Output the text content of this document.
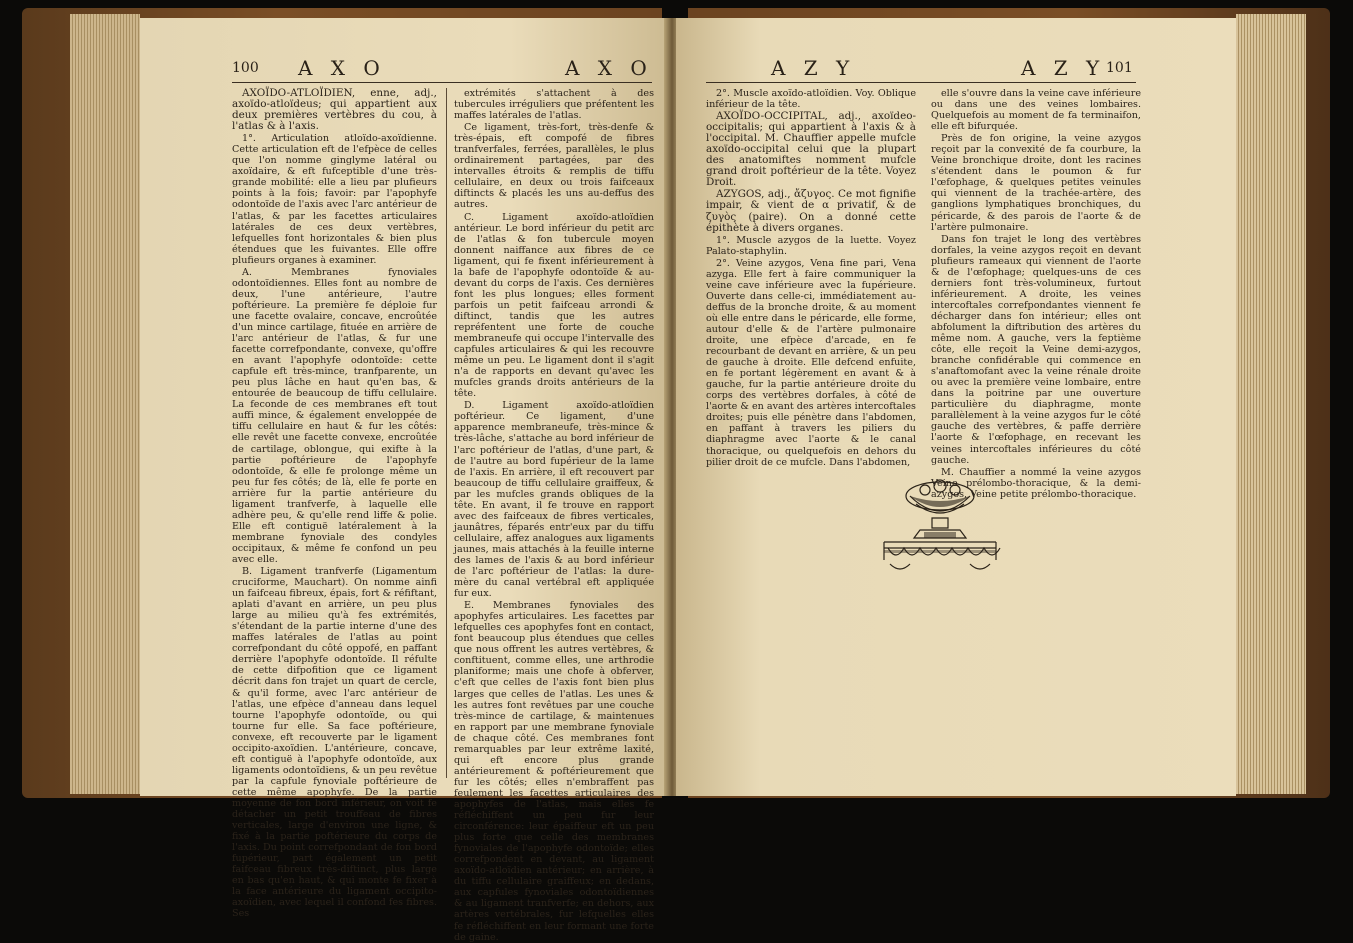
100 A X O	A X O

AXOÏDO-ATLOÏDIEN, enne, adj., axoïdo-atloïdeus; qui appartient aux deux premières vertèbres du cou, à l'atlas & à l'axis.

1°. Articulation atloïdo-axoïdienne. Cette articulation eft de l'efpèce de celles que l'on nomme ginglyme latéral ou axoïdaire, & eft fufceptible d'une très-grande mobilité: elle a lieu par plufieurs points à la fois; favoir: par l'apophyfe odontoïde de l'axis avec l'arc antérieur de l'atlas, & par les facettes articulaires latérales de ces deux vertèbres, lefquelles font horizontales & bien plus étendues que les fuivantes. Elle offre plufieurs organes à examiner.

A. Membranes fynoviales odontoïdiennes. Elles font au nombre de deux, l'une antérieure, l'autre poftérieure. La première fe déploie fur une facette ovalaire, concave, encroûtée d'un mince cartilage, fituée en arrière de l'arc antérieur de l'atlas, & fur une facette correfpondante, convexe, qu'offre en avant l'apophyfe odontoïde: cette capfule eft très-mince, tranfparente, un peu plus lâche en haut qu'en bas, & entourée de beaucoup de tiffu cellulaire. La feconde de ces membranes eft tout auffi mince, & également enveloppée de tiffu cellulaire en haut & fur les côtés: elle revêt une facette convexe, encroûtée de cartilage, oblongue, qui exifte à la partie poftérieure de l'apophyfe odontoïde, & elle fe prolonge même un peu fur fes côtés; de là, elle fe porte en arrière fur la partie antérieure du ligament tranfverfe, à laquelle elle adhère peu, & qu'elle rend liffe & polie. Elle eft contiguë latéralement à la membrane fynoviale des condyles occipitaux, & même fe confond un peu avec elle.

B. Ligament tranfverfe (Ligamentum cruciforme, Mauchart). On nomme ainfi un faifceau fibreux, épais, fort & réfiftant, aplati d'avant en arrière, un peu plus large au milieu qu'à fes extrémités, s'étendant de la partie interne d'une des maffes latérales de l'atlas au point correfpondant du côté oppofé, en paffant derrière l'apophyfe odontoïde. Il réfulte de cette difpofition que ce ligament décrit dans fon trajet un quart de cercle, & qu'il forme, avec l'arc antérieur de l'atlas, une efpèce d'anneau dans lequel tourne l'apophyfe odontoïde, ou qui tourne fur elle. Sa face poftérieure, convexe, eft recouverte par le ligament occipito-axoïdien. L'antérieure, concave, eft contiguë à l'apophyfe odontoïde, aux ligaments odontoïdiens, & un peu revêtue par la capfule fynoviale poftérieure de cette même apophyfe. De la partie moyenne de fon bord inférieur, on voit fe détacher un petit trouffeau de fibres verticales, large d'environ une ligne, & fixé à la partie poftérieure du corps de l'axis. Du point correfpondant de fon bord fupérieur, part également un petit faifceau fibreux très-diftinct, plus large en bas qu'en haut, & qui monte fe fixer à la face antérieure du ligament occipito-axoïdien, avec lequel il confond fes fibres. Ses

extrémités s'attachent à des tubercules irréguliers que préfentent les maffes latérales de l'atlas.

Ce ligament, très-fort, très-denfe & très-épais, eft compofé de fibres tranfverfales, ferrées, parallèles, le plus ordinairement partagées, par des intervalles étroits & remplis de tiffu cellulaire, en deux ou trois faifceaux diftincts & placés les uns au-deffus des autres.

C. Ligament axoïdo-atloïdien antérieur. Le bord inférieur du petit arc de l'atlas & fon tubercule moyen donnent naiffance aux fibres de ce ligament, qui fe fixent inférieurement à la bafe de l'apophyfe odontoïde & au-devant du corps de l'axis. Ces dernières font les plus longues; elles forment parfois un petit faifceau arrondi & diftinct, tandis que les autres repréfentent une forte de couche membraneufe qui occupe l'intervalle des capfules articulaires & qui les recouvre même un peu. Le ligament dont il s'agit n'a de rapports en devant qu'avec les mufcles grands droits antérieurs de la tête.

D. Ligament axoïdo-atloïdien poftérieur. Ce ligament, d'une apparence membraneufe, très-mince & très-lâche, s'attache au bord inférieur de l'arc poftérieur de l'atlas, d'une part, & de l'autre au bord fupérieur de la lame de l'axis. En arrière, il eft recouvert par beaucoup de tiffu cellulaire graiffeux, & par les mufcles grands obliques de la tête. En avant, il fe trouve en rapport avec des faifceaux de fibres verticales, jaunâtres, féparés entr'eux par du tiffu cellulaire, affez analogues aux ligaments jaunes, mais attachés à la feuille interne des lames de l'axis & au bord inférieur de l'arc poftérieur de l'atlas: la dure-mère du canal vertébral eft appliquée fur eux.

E. Membranes fynoviales des apophyfes articulaires. Les facettes par lefquelles ces apophyfes font en contact, font beaucoup plus étendues que celles que nous offrent les autres vertèbres, & conftituent, comme elles, une arthrodie planiforme; mais une chofe à obferver, c'eft que celles de l'axis font bien plus larges que celles de l'atlas. Les unes & les autres font revêtues par une couche très-mince de cartilage, & maintenues en rapport par une membrane fynoviale de chaque côté. Ces membranes font remarquables par leur extrême laxité, qui eft encore plus grande antérieurement & poftérieurement que fur les côtés; elles n'embraffent pas feulement les facettes articulaires des apophyfes de l'atlas, mais elles fe réfléchiffent un peu fur leur circonférence: leur épaiffeur eft un peu plus forte que celle des membranes fynoviales de l'apophyfe odontoïde; elles correfpondent en devant, au ligament axoïdo-atloïdien antérieur; en arrière, à du tiffu cellulaire graiffeux; en dedans, aux capfules fynoviales odontoïdiennes & au ligament tranfverfe; en dehors, aux artères vertébrales, fur lefquelles elles fe réfléchiffent en leur formant une forte de gaine.

A Z Y	A Z Y 101

2°. Muscle axoïdo-atloïdien. Voy. Oblique inférieur de la tête.

AXOÏDO-OCCIPITAL, adj., axoïdeo-occipitalis; qui appartient à l'axis & à l'occipital. M. Chauffier appelle mufcle axoïdo-occipital celui que la plupart des anatomiftes nomment mufcle grand droit poftérieur de la tête. Voyez Droit.

AZYGOS, adj., ἄζυγος. Ce mot fignifie impair, & vient de α privatif, & de ζυγὸς (paire). On a donné cette épithète à divers organes.

1°. Muscle azygos de la luette. Voyez Palato-staphylin.

2°. Veine azygos, Vena fine pari, Vena azyga. Elle fert à faire communiquer la veine cave inférieure avec la fupérieure. Ouverte dans celle-ci, immédiatement au-deffus de la bronche droite, & au moment où elle entre dans le péricarde, elle forme, autour d'elle & de l'artère pulmonaire droite, une efpèce d'arcade, en fe recourbant de devant en arrière, & un peu de gauche à droite. Elle defcend enfuite, en fe portant légèrement en avant & à gauche, fur la partie antérieure droite du corps des vertèbres dorfales, à côté de l'aorte & en avant des artères intercoftales droites; puis elle pénètre dans l'abdomen, en paffant à travers les piliers du diaphragme avec l'aorte & le canal thoracique, ou quelquefois en dehors du pilier droit de ce mufcle. Dans l'abdomen,

elle s'ouvre dans la veine cave inférieure ou dans une des veines lombaires. Quelquefois au moment de fa terminaifon, elle eft bifurquée.

Près de fon origine, la veine azygos reçoit par la convexité de fa courbure, la Veine bronchique droite, dont les racines s'étendent dans le poumon & fur l'œfophage, & quelques petites veinules qui viennent de la trachée-artère, des ganglions lymphatiques bronchiques, du péricarde, & des parois de l'aorte & de l'artère pulmonaire.

Dans fon trajet le long des vertèbres dorfales, la veine azygos reçoit en devant plufieurs rameaux qui viennent de l'aorte & de l'œfophage; quelques-uns de ces derniers font très-volumineux, furtout inférieurement. A droite, les veines intercoftales correfpondantes viennent fe décharger dans fon intérieur; elles ont abfolument la diftribution des artères du même nom. A gauche, vers la feptième côte, elle reçoit la Veine demi-azygos, branche confidérable qui commence en s'anaftomofant avec la veine rénale droite ou avec la première veine lombaire, entre dans la poitrine par une ouverture particulière du diaphragme, monte parallèlement à la veine azygos fur le côté gauche des vertèbres, & paffe derrière l'aorte & l'œfophage, en recevant les veines intercoftales inférieures du côté gauche.

M. Chauffier a nommé la veine azygos Veine prélombo-thoracique, & la demi-azygos, Veine petite prélombo-thoracique.
